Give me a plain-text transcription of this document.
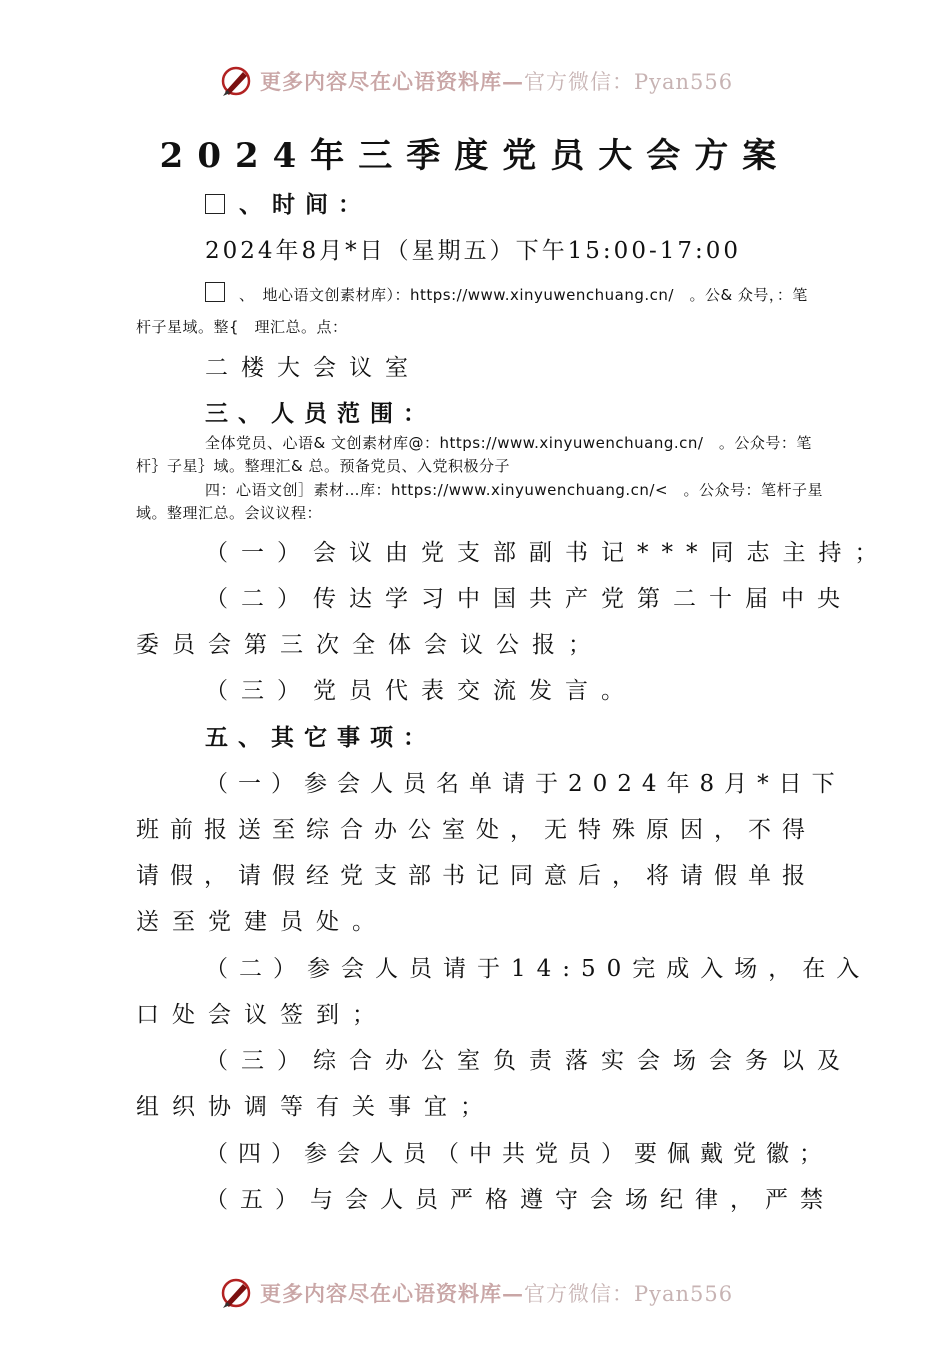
更多内容尽在心语资料库—官方微信：Pyan556
2024年三季度党员大会方案
、时间：
2024年8月*日（星期五）下午15:00-17:00
、　地心语文创素材库）：https://www.xinyuwenchuang.cn/　。公& 众号，：笔
杆子星域。整{　理汇总。点：
二楼大会议室
三、人员范围：
全体党员、心语& 文创素材库@：https://www.xinyuwenchuang.cn/　。公众号：笔
杆｝子星｝域。整理汇& 总。预备党员、入党积极分子
四：心语文创］素材…库：https://www.xinyuwenchuang.cn/<　。公众号：笔杆子星
域。整理汇总。会议议程：
（一）会议由党支部副书记***同志主持；
（二）传达学习中国共产党第二十届中央
委员会第三次全体会议公报；
（三）党员代表交流发言。
五、其它事项：
（一）参会人员名单请于2024年8月*日下
班前报送至综合办公室处，无特殊原因，不得
请假，请假经党支部书记同意后，将请假单报
送至党建员处。
（二）参会人员请于14:50完成入场，在入
口处会议签到；
（三）综合办公室负责落实会场会务以及
组织协调等有关事宜；
（四）参会人员（中共党员）要佩戴党徽；
（五）与会人员严格遵守会场纪律，严禁
更多内容尽在心语资料库—官方微信：Pyan556
